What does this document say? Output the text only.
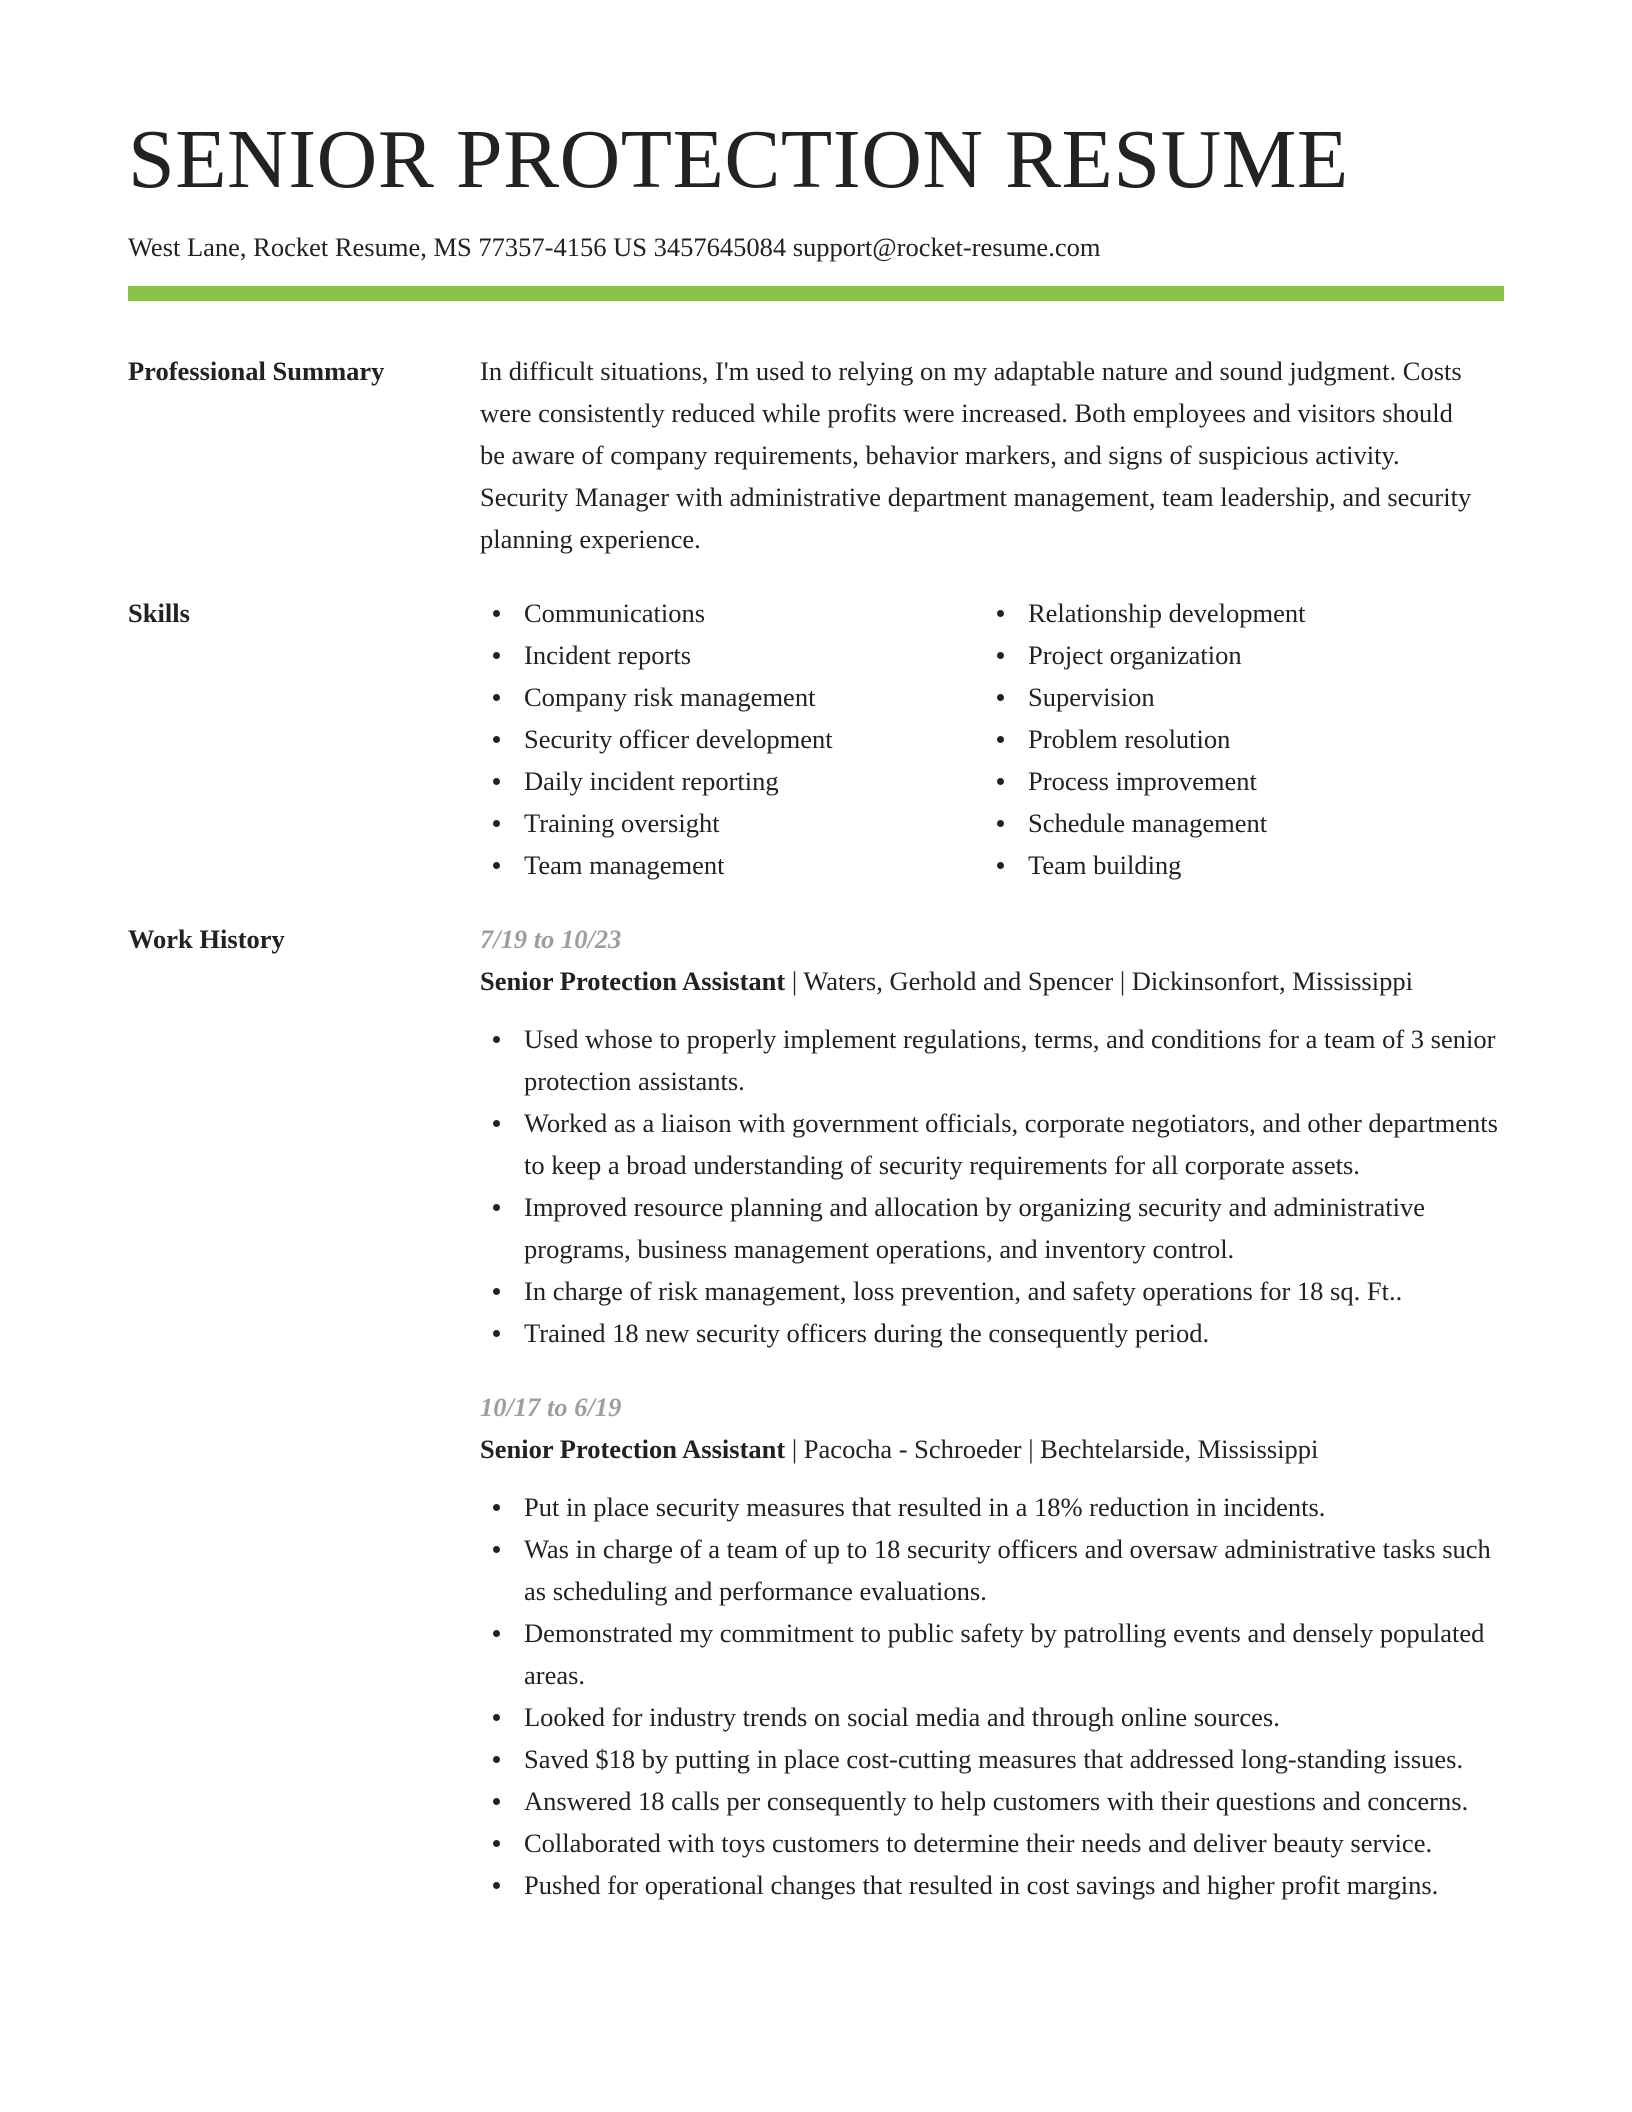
SENIOR PROTECTION RESUME
West Lane, Rocket Resume, MS 77357-4156 US 3457645084 support@rocket-resume.com
Professional Summary	In difficult situations, I'm used to relying on my adaptable nature and sound judgment. Costs were consistently reduced while profits were increased. Both employees and visitors should be aware of company requirements, behavior markers, and signs of suspicious activity. Security Manager with administrative department management, team leadership, and security planning experience.

Skills	Communications
Incident reports
Company risk management
Security officer development
Daily incident reporting
Training oversight
Team management
Relationship development
Project organization
Supervision
Problem resolution
Process improvement
Schedule management
Team building
Work History	7/19 to 10/23
Senior Protection Assistant | Waters, Gerhold and Spencer | Dickinsonfort, Mississippi
Used whose to properly implement regulations, terms, and conditions for a team of 3 senior protection assistants.
Worked as a liaison with government officials, corporate negotiators, and other departments to keep a broad understanding of security requirements for all corporate assets.
Improved resource planning and allocation by organizing security and administrative programs, business management operations, and inventory control.
In charge of risk management, loss prevention, and safety operations for 18 sq. Ft..
Trained 18 new security officers during the consequently period.
10/17 to 6/19
Senior Protection Assistant | Pacocha - Schroeder | Bechtelarside, Mississippi
Put in place security measures that resulted in a 18% reduction in incidents.
Was in charge of a team of up to 18 security officers and oversaw administrative tasks such as scheduling and performance evaluations.
Demonstrated my commitment to public safety by patrolling events and densely populated areas.
Looked for industry trends on social media and through online sources.
Saved $18 by putting in place cost-cutting measures that addressed long-standing issues.
Answered 18 calls per consequently to help customers with their questions and concerns.
Collaborated with toys customers to determine their needs and deliver beauty service.
Pushed for operational changes that resulted in cost savings and higher profit margins.
